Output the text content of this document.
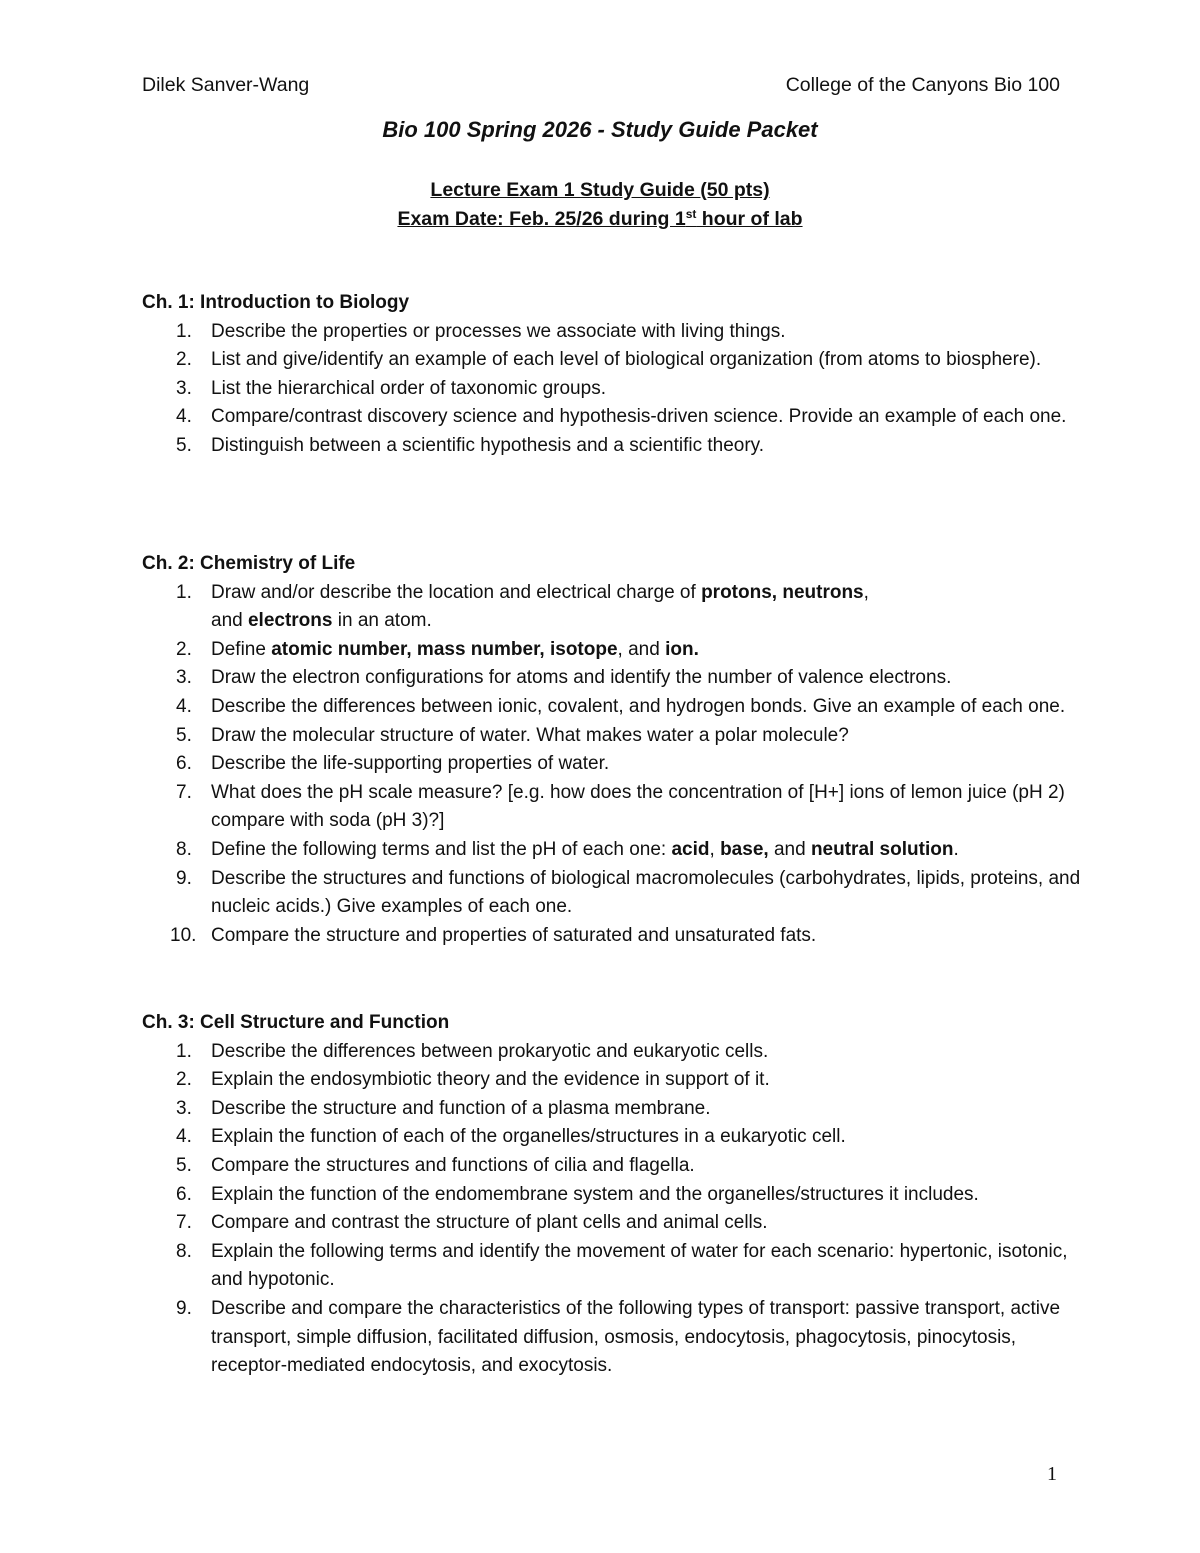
Dilek Sanver-Wang	College of the Canyons Bio 100
Bio 100 Spring 2026 - Study Guide Packet
Lecture Exam 1 Study Guide (50 pts)
Exam Date: Feb. 25/26 during 1st hour of lab

Ch. 1: Introduction to Biology

1. Describe the properties or processes we associate with living things.
2. List and give/identify an example of each level of biological organization (from atoms to biosphere).
3. List the hierarchical order of taxonomic groups.
4. Compare/contrast discovery science and hypothesis-driven science. Provide an example of each one.
5. Distinguish between a scientific hypothesis and a scientific theory.

Ch. 2: Chemistry of Life

1. Draw and/or describe the location and electrical charge of protons, neutrons,
and electrons in an atom.
2. Define atomic number, mass number, isotope, and ion.
3. Draw the electron configurations for atoms and identify the number of valence electrons.
4. Describe the differences between ionic, covalent, and hydrogen bonds. Give an example of each one.
5. Draw the molecular structure of water. What makes water a polar molecule?
6. Describe the life-supporting properties of water.
7. What does the pH scale measure? [e.g. how does the concentration of [H+] ions of lemon juice (pH 2) compare with soda (pH 3)?]
8. Define the following terms and list the pH of each one: acid, base, and neutral solution.
9. Describe the structures and functions of biological macromolecules (carbohydrates, lipids, proteins, and nucleic acids.) Give examples of each one.
10. Compare the structure and properties of saturated and unsaturated fats.

Ch. 3: Cell Structure and Function

1. Describe the differences between prokaryotic and eukaryotic cells.
2. Explain the endosymbiotic theory and the evidence in support of it.
3. Describe the structure and function of a plasma membrane.
4. Explain the function of each of the organelles/structures in a eukaryotic cell.
5. Compare the structures and functions of cilia and flagella.
6. Explain the function of the endomembrane system and the organelles/structures it includes.
7. Compare and contrast the structure of plant cells and animal cells.
8. Explain the following terms and identify the movement of water for each scenario: hypertonic, isotonic, and hypotonic.
9. Describe and compare the characteristics of the following types of transport: passive transport, active transport, simple diffusion, facilitated diffusion, osmosis, endocytosis, phagocytosis, pinocytosis, receptor-mediated endocytosis, and exocytosis.
1
